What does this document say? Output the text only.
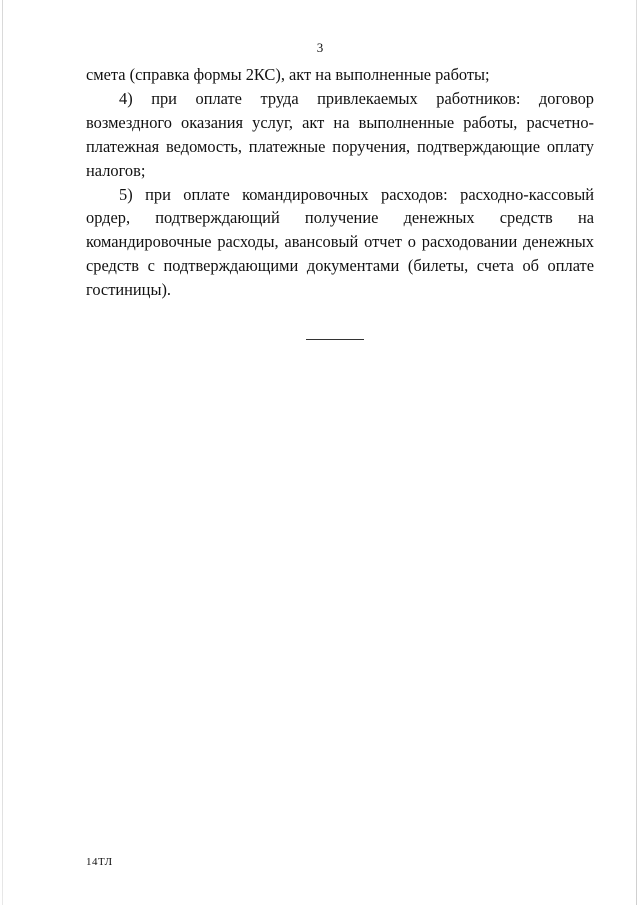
3

смета (справка формы 2КС), акт на выполненные работы;

4) при оплате труда привлекаемых работников: договор возмездного оказания услуг, акт на выполненные работы, расчетно-платежная ведомость, платежные поручения, подтверждающие оплату налогов;

5) при оплате командировочных расходов: расходно-кассовый ордер, подтверждающий получение денежных средств на командировочные расходы, авансовый отчет о расходовании денежных средств с подтверждающими документами (билеты, счета об оплате гостиницы).

14ТЛ
